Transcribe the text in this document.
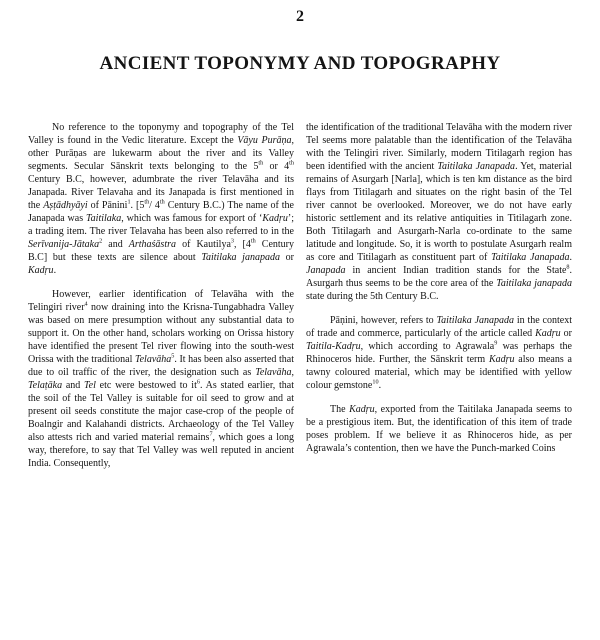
2
ANCIENT TOPONYMY AND TOPOGRAPHY

No reference to the toponymy and topography of the Tel Valley is found in the Vedic literature. Except the Vāyu Purāṇa, other Purāṇas are lukewarm about the river and its Valley segments. Secular Sānskrit texts belonging to the 5th or 4th Century B.C, however, adumbrate the river Telavāha and its Janapada. River Telavaha and its Janapada is first mentioned in the Aṣṭādhyāyi of Pānini$^1$. [5th/ 4th Century B.C.) The name of the Janapada was Taitilaka, which was famous for export of ‘Kadṛu’; a trading item. The river Telavaha has been also referred to in the Serīvanija-Jātaka$^2$ and Arthaśāstra of Kautilya$^3$, [4th Century B.C] but these texts are silence about Taitilaka janapada or Kadṛu.

However, earlier identification of Telavāha with the Telingiri river$^4$ now draining into the Krisna-Tungabhadra Valley was based on mere presumption without any substantial data to support it. On the other hand, scholars working on Orissa history have identified the present Tel river flowing into the south-west Orissa with the traditional Telavāha$^5$. It has been also asserted that due to oil traffic of the river, the designation such as Telavāha, Telaṭāka and Tel etc were bestowed to $it^6$. As stated earlier, that the soil of the Tel Valley is suitable for oil seed to grow and at present oil seeds constitute the major case-crop of the people of Boalngir and Kalahandi districts. Archaeology of the Tel Valley also attests rich and varied material remains$^7$, which goes a long way, therefore, to say that Tel Valley was well reputed in ancient India. Consequently,

the identification of the traditional Telavāha with the modern river Tel seems more palatable than the identification of the Telavāha with the Telingiri river. Similarly, modern Titilagarh region has been identified with the ancient Taitilaka Janapada. Yet, material remains of Asurgarh [Narla], which is ten km distance as the bird flays from Titilagarh and situates on the right basin of the Tel river cannot be overlooked. Moreover, we do not have early historic settlement and its relative antiquities in Titilagarh zone. Both Titilagarh and Asurgarh-Narla co-ordinate to the same latitude and longitude. So, it is worth to postulate Asurgarh realm as core and Titilagarh as constituent part of Taitilaka Janapada. Janapada in ancient Indian tradition stands for the State$^8$. Asurgarh thus seems to be the core area of the Taitilaka janapada state during the 5th Century B.C.

Pāṇini, however, refers to Taitilaka Janapada in the context of trade and commerce, particularly of the article called Kadṛu or Taitila-Kadṛu, which according to Agrawala$^9$ was perhaps the Rhinoceros hide. Further, the Sānskrit term Kadṛu also means a tawny coloured material, which may be identified with yellow colour gemstone$^{10}$.

The Kadṛu, exported from the Taitilaka Janapada seems to be a prestigious item. But, the identification of this item of trade poses problem. If we believe it as Rhinoceros hide, as per Agrawala’s contention, then we have the Punch-marked Coins
